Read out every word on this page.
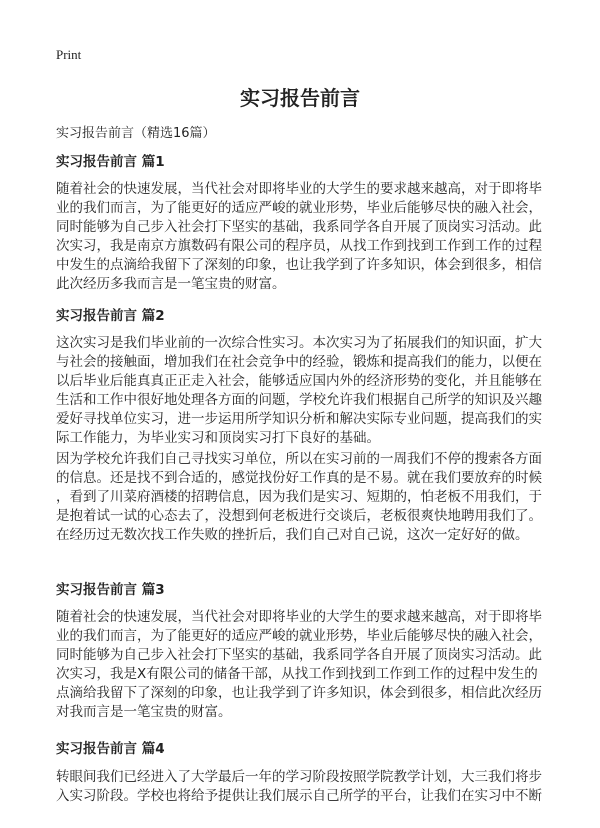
Print
实习报告前言
实习报告前言（精选16篇）
实习报告前言 篇1
随着社会的快速发展，当代社会对即将毕业的大学生的要求越来越高，对于即将毕
业的我们而言，为了能更好的适应严峻的就业形势，毕业后能够尽快的融入社会，
同时能够为自己步入社会打下坚实的基础，我系同学各自开展了顶岗实习活动。此
次实习，我是南京方旗数码有限公司的程序员，从找工作到找到工作到工作的过程
中发生的点滴给我留下了深刻的印象，也让我学到了许多知识，体会到很多，相信
此次经历多我而言是一笔宝贵的财富。
实习报告前言 篇2
这次实习是我们毕业前的一次综合性实习。本次实习为了拓展我们的知识面，扩大
与社会的接触面，增加我们在社会竞争中的经验，锻炼和提高我们的能力，以便在
以后毕业后能真真正正走入社会，能够适应国内外的经济形势的变化，并且能够在
生活和工作中很好地处理各方面的问题，学校允许我们根据自己所学的知识及兴趣
爱好寻找单位实习，进一步运用所学知识分析和解决实际专业问题，提高我们的实
际工作能力，为毕业实习和顶岗实习打下良好的基础。
因为学校允许我们自己寻找实习单位，所以在实习前的一周我们不停的搜索各方面
的信息。还是找不到合适的，感觉找份好工作真的是不易。就在我们要放弃的时候
，看到了川菜府酒楼的招聘信息，因为我们是实习、短期的，怕老板不用我们，于
是抱着试一试的心态去了，没想到何老板进行交谈后，老板很爽快地聘用我们了。
在经历过无数次找工作失败的挫折后，我们自己对自己说，这次一定好好的做。
实习报告前言 篇3
随着社会的快速发展，当代社会对即将毕业的大学生的要求越来越高，对于即将毕
业的我们而言，为了能更好的适应严峻的就业形势，毕业后能够尽快的融入社会，
同时能够为自己步入社会打下坚实的基础，我系同学各自开展了顶岗实习活动。此
次实习，我是X有限公司的储备干部，从找工作到找到工作到工作的过程中发生的
点滴给我留下了深刻的印象，也让我学到了许多知识，体会到很多，相信此次经历
对我而言是一笔宝贵的财富。
实习报告前言 篇4
转眼间我们已经进入了大学最后一年的学习阶段按照学院教学计划，大三我们将步
入实习阶段。学校也将给予提供让我们展示自己所学的平台，让我们在实习中不断
